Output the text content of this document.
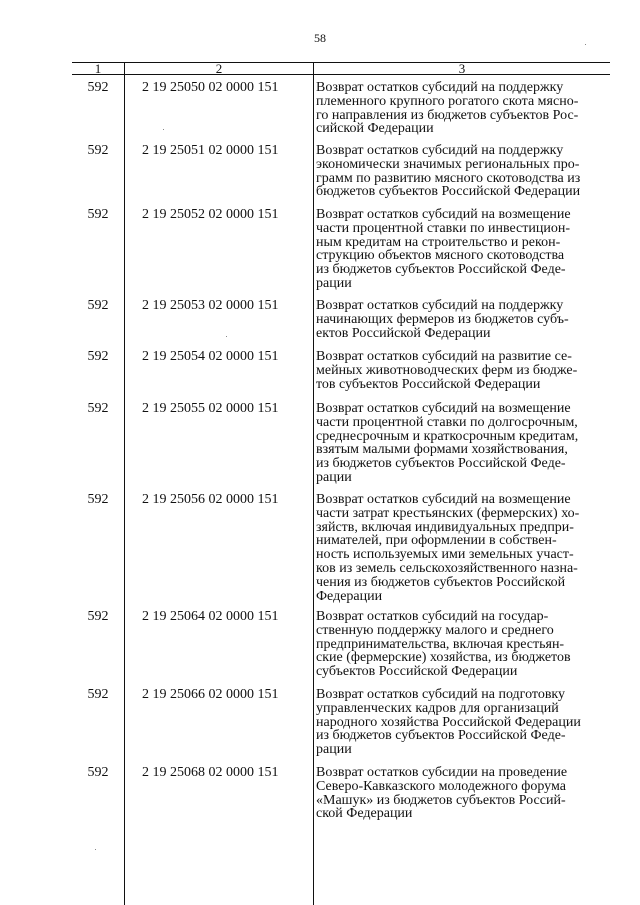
58
1	2	3
592	2 19 25050 02 0000 151	Возврат остатков субсидий на поддержку
племенного крупного рогатого скота мясно-
го направления из бюджетов субъектов Рос-
сийской Федерации
592	2 19 25051 02 0000 151	Возврат остатков субсидий на поддержку
экономически значимых региональных про-
грамм по развитию мясного скотоводства из
бюджетов субъектов Российской Федерации
592	2 19 25052 02 0000 151	Возврат остатков субсидий на возмещение
части процентной ставки по инвестицион-
ным кредитам на строительство и рекон-
струкцию объектов мясного скотоводства
из бюджетов субъектов Российской Феде-
рации
592	2 19 25053 02 0000 151	Возврат остатков субсидий на поддержку
начинающих фермеров из бюджетов субъ-
ектов Российской Федерации
592	2 19 25054 02 0000 151	Возврат остатков субсидий на развитие се-
мейных животноводческих ферм из бюдже-
тов субъектов Российской Федерации
592	2 19 25055 02 0000 151	Возврат остатков субсидий на возмещение
части процентной ставки по долгосрочным,
среднесрочным и краткосрочным кредитам,
взятым малыми формами хозяйствования,
из бюджетов субъектов Российской Феде-
рации
592	2 19 25056 02 0000 151	Возврат остатков субсидий на возмещение
части затрат крестьянских (фермерских) хо-
зяйств, включая индивидуальных предпри-
нимателей, при оформлении в собствен-
ность используемых ими земельных участ-
ков из земель сельскохозяйственного назна-
чения из бюджетов субъектов Российской
Федерации
592	2 19 25064 02 0000 151	Возврат остатков субсидий на государ-
ственную поддержку малого и среднего
предпринимательства, включая крестьян-
ские (фермерские) хозяйства, из бюджетов
субъектов Российской Федерации
592	2 19 25066 02 0000 151	Возврат остатков субсидий на подготовку
управленческих кадров для организаций
народного хозяйства Российской Федерации
из бюджетов субъектов Российской Феде-
рации
592	2 19 25068 02 0000 151	Возврат остатков субсидии на проведение
Северо-Кавказского молодежного форума
«Машук» из бюджетов субъектов Россий-
ской Федерации
